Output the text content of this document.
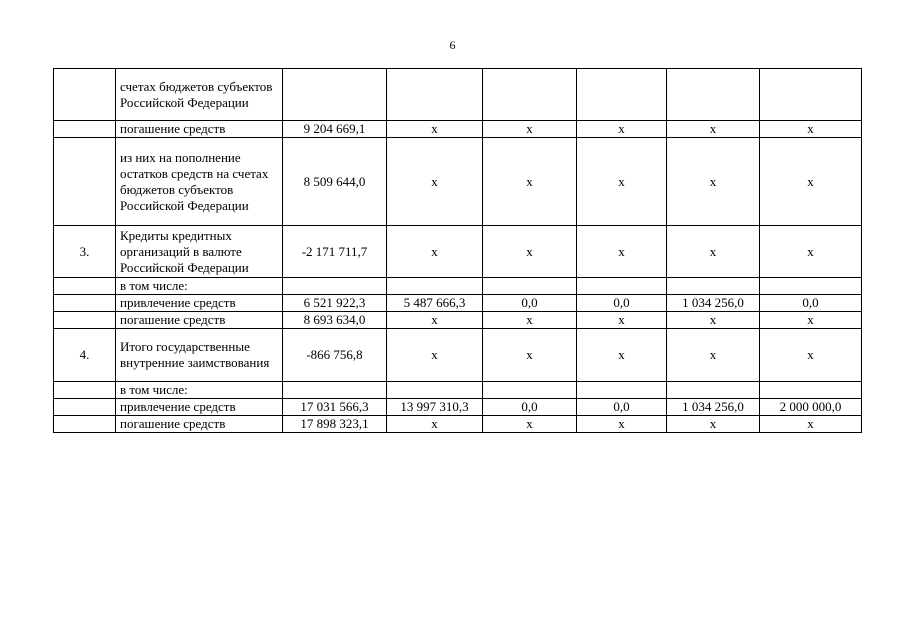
6
	счетах бюджетов субъектов Российской Федерации						
	погашение средств	9 204 669,1	x	x	x	x	x
	из них на пополнение остатков средств на счетах бюджетов субъектов Российской Федерации	8 509 644,0	x	x	x	x	x
3.	Кредиты кредитных организаций в валюте Российской Федерации	-2 171 711,7	x	x	x	x	x
	в том числе:						
	привлечение средств	6 521 922,3	5 487 666,3	0,0	0,0	1 034 256,0	0,0
	погашение средств	8 693 634,0	x	x	x	x	x
4.	Итого государственные внутренние заимствования	-866 756,8	x	x	x	x	x
	в том числе:						
	привлечение средств	17 031 566,3	13 997 310,3	0,0	0,0	1 034 256,0	2 000 000,0
	погашение средств	17 898 323,1	x	x	x	x	x
